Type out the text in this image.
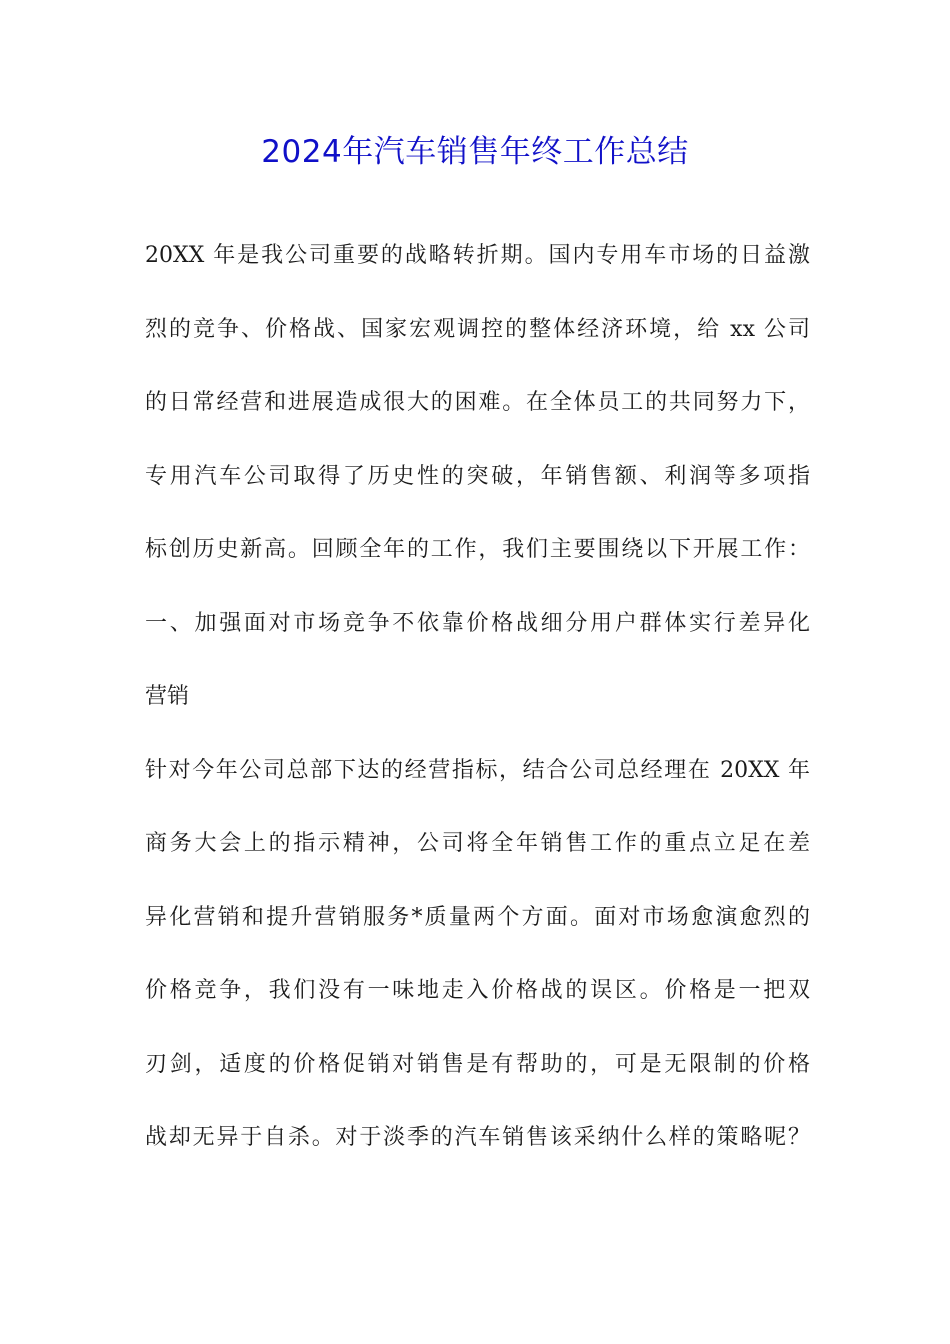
2024年汽车销售年终工作总结
20XX 年是我公司重要的战略转折期。国内专用车市场的日益激
烈的竞争、价格战、国家宏观调控的整体经济环境，给 xx 公司
的日常经营和进展造成很大的困难。在全体员工的共同努力下，
专用汽车公司取得了历史性的突破，年销售额、利润等多项指
标创历史新高。回顾全年的工作，我们主要围绕以下开展工作：
一、加强面对市场竞争不依靠价格战细分用户群体实行差异化
营销
针对今年公司总部下达的经营指标，结合公司总经理在 20XX 年
商务大会上的指示精神，公司将全年销售工作的重点立足在差
异化营销和提升营销服务*质量两个方面。面对市场愈演愈烈的
价格竞争，我们没有一味地走入价格战的误区。价格是一把双
刃剑，适度的价格促销对销售是有帮助的，可是无限制的价格
战却无异于自杀。对于淡季的汽车销售该采纳什么样的策略呢？
